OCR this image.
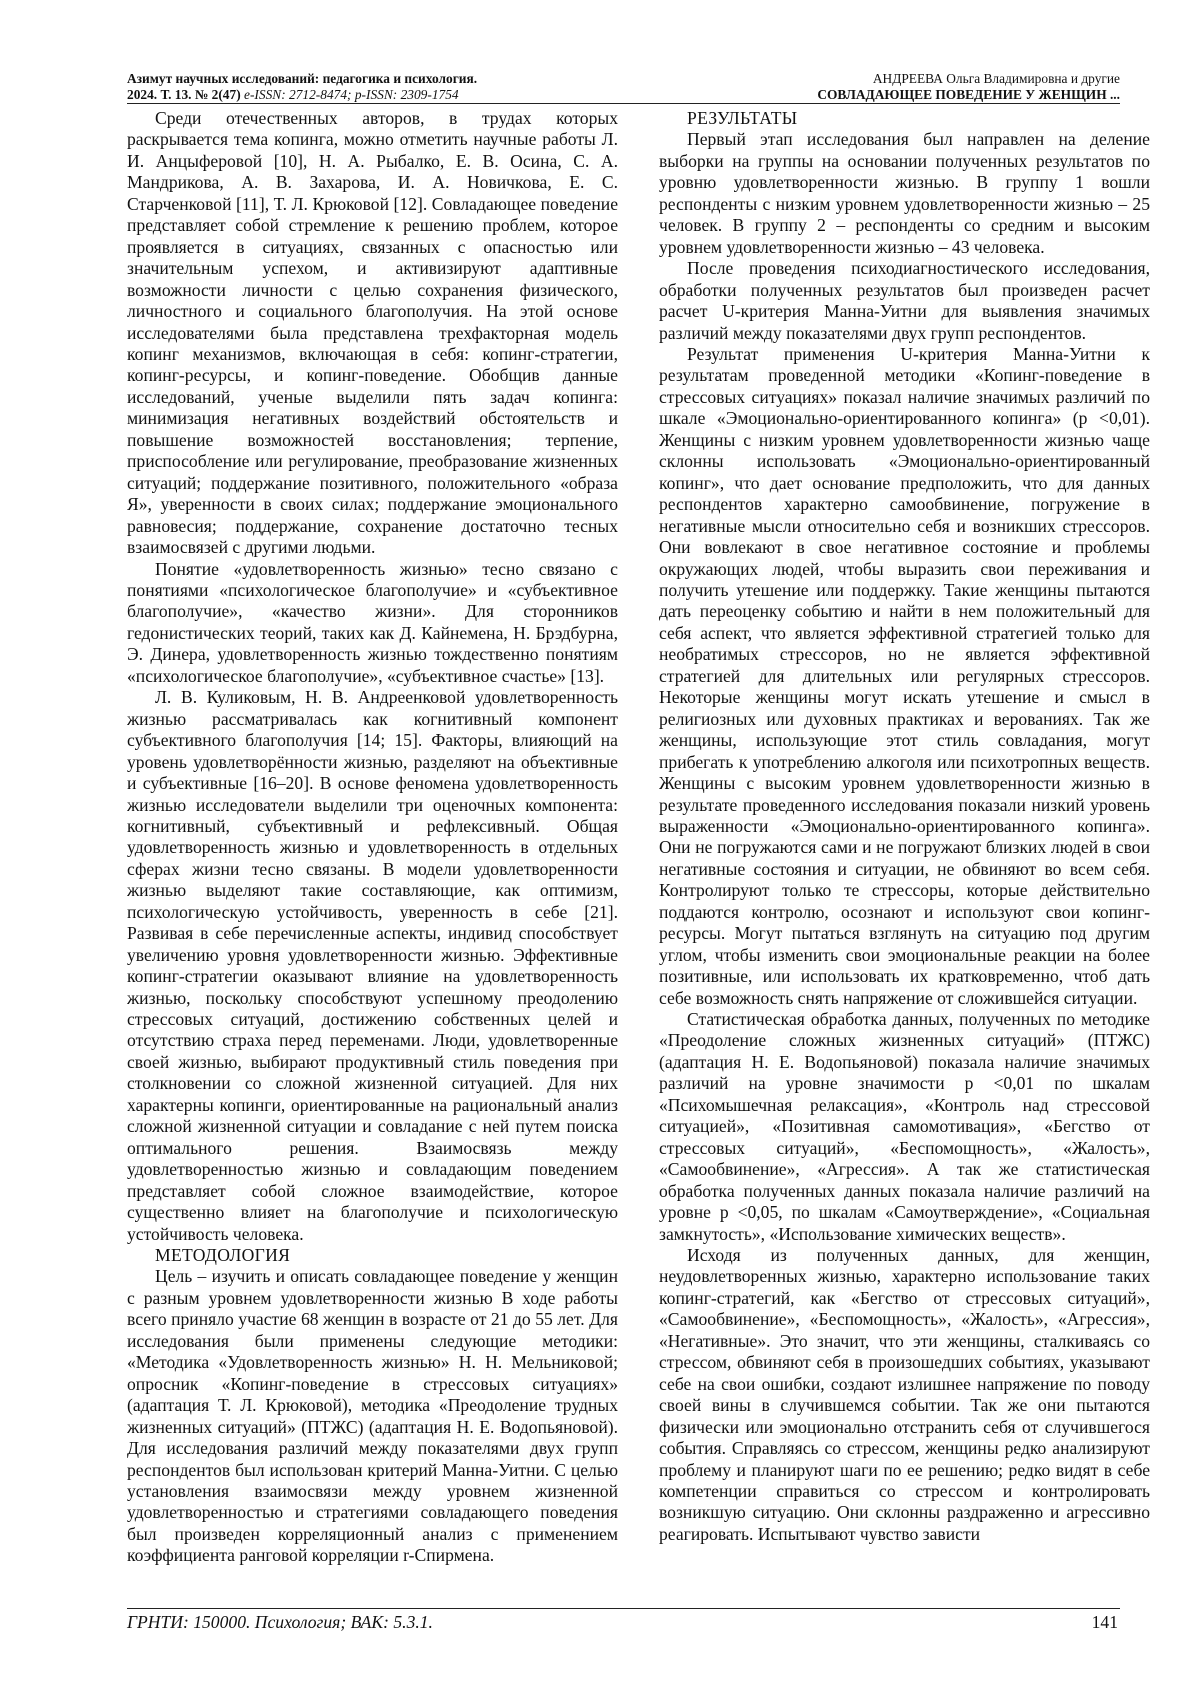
Азимут научных исследований: педагогика и психология.
2024. Т. 13. № 2(47) e-ISSN: 2712-8474; p-ISSN: 2309-1754
АНДРЕЕВА Ольга Владимировна и другие
СОВЛАДАЮЩЕЕ ПОВЕДЕНИЕ У ЖЕНЩИН ...

Среди отечественных авторов, в трудах которых раскрывается тема копинга, можно отметить научные работы Л. И. Анцыферовой [10], Н. А. Рыбалко, Е. В. Осина, С. А. Мандрикова, А. В. Захарова, И. А. Новичкова, Е. С. Старченковой [11], Т. Л. Крюковой [12]. Совладающее поведение представляет собой стремление к решению проблем, которое проявляется в ситуациях, связанных с опасностью или значительным успехом, и активизируют адаптивные возможности личности с целью сохранения физического, личностного и социального благополучия. На этой основе исследователями была представлена трехфакторная модель копинг механизмов, включающая в себя: копинг-стратегии, копинг-ресурсы, и копинг-поведение. Обобщив данные исследований, ученые выделили пять задач копинга: минимизация негативных воздействий обстоятельств и повышение возможностей восстановления; терпение, приспособление или регулирование, преобразование жизненных ситуаций; поддержание позитивного, положительного «образа Я», уверенности в своих силах; поддержание эмоционального равновесия; поддержание, сохранение достаточно тесных взаимосвязей с другими людьми.

Понятие «удовлетворенность жизнью» тесно связано с понятиями «психологическое благополучие» и «субъективное благополучие», «качество жизни». Для сторонников гедонистических теорий, таких как Д. Кайнемена, Н. Брэдбурна, Э. Динера, удовлетворенность жизнью тождественно понятиям «психологическое благополучие», «субъективное счастье» [13].

Л. В. Куликовым, Н. В. Андреенковой удовлетворенность жизнью рассматривалась как когнитивный компонент субъективного благополучия [14; 15]. Факторы, влияющий на уровень удовлетворённости жизнью, разделяют на объективные и субъективные [16–20]. В основе феномена удовлетворенность жизнью исследователи выделили три оценочных компонента: когнитивный, субъективный и рефлексивный. Общая удовлетворенность жизнью и удовлетворенность в отдельных сферах жизни тесно связаны. В модели удовлетворенности жизнью выделяют такие составляющие, как оптимизм, психологическую устойчивость, уверенность в себе [21]. Развивая в себе перечисленные аспекты, индивид способствует увеличению уровня удовлетворенности жизнью. Эффективные копинг-стратегии оказывают влияние на удовлетворенность жизнью, поскольку способствуют успешному преодолению стрессовых ситуаций, достижению собственных целей и отсутствию страха перед переменами. Люди, удовлетворенные своей жизнью, выбирают продуктивный стиль поведения при столкновении со сложной жизненной ситуацией. Для них характерны копинги, ориентированные на рациональный анализ сложной жизненной ситуации и совладание с ней путем поиска оптимального решения. Взаимосвязь между удовлетворенностью жизнью и совладающим поведением представляет собой сложное взаимодействие, которое существенно влияет на благополучие и психологическую устойчивость человека.

МЕТОДОЛОГИЯ

Цель – изучить и описать совладающее поведение у женщин с разным уровнем удовлетворенности жизнью В ходе работы всего приняло участие 68 женщин в возрасте от 21 до 55 лет. Для исследования были применены следующие методики: «Методика «Удовлетворенность жизнью» Н. Н. Мельниковой; опросник «Копинг-поведение в стрессовых ситуациях» (адаптация Т. Л. Крюковой), методика «Преодоление трудных жизненных ситуаций» (ПТЖС) (адаптация Н. Е. Водопьяновой). Для исследования различий между показателями двух групп респондентов был использован критерий Манна-Уитни. С целью установления взаимосвязи между уровнем жизненной удовлетворенностью и стратегиями совладающего поведения был произведен корреляционный анализ с применением коэффициента ранговой корреляции r-Спирмена.

РЕЗУЛЬТАТЫ

Первый этап исследования был направлен на деление выборки на группы на основании полученных результатов по уровню удовлетворенности жизнью. В группу 1 вошли респонденты с низким уровнем удовлетворенности жизнью – 25 человек. В группу 2 – респонденты со средним и высоким уровнем удовлетворенности жизнью – 43 человека.

После проведения психодиагностического исследования, обработки полученных результатов был произведен расчет расчет U-критерия Манна-Уитни для выявления значимых различий между показателями двух групп респондентов.

Результат применения U-критерия Манна-Уитни к результатам проведенной методики «Копинг-поведение в стрессовых ситуациях» показал наличие значимых различий по шкале «Эмоционально-ориентированного копинга» (p <0,01). Женщины с низким уровнем удовлетворенности жизнью чаще склонны использовать «Эмоционально-ориентированный копинг», что дает основание предположить, что для данных респондентов характерно самообвинение, погружение в негативные мысли относительно себя и возникших стрессоров. Они вовлекают в свое негативное состояние и проблемы окружающих людей, чтобы выразить свои переживания и получить утешение или поддержку. Такие женщины пытаются дать переоценку событию и найти в нем положительный для себя аспект, что является эффективной стратегией только для необратимых стрессоров, но не является эффективной стратегией для длительных или регулярных стрессоров. Некоторые женщины могут искать утешение и смысл в религиозных или духовных практиках и верованиях. Так же женщины, использующие этот стиль совладания, могут прибегать к употреблению алкоголя или психотропных веществ. Женщины с высоким уровнем удовлетворенности жизнью в результате проведенного исследования показали низкий уровень выраженности «Эмоционально-ориентированного копинга». Они не погружаются сами и не погружают близких людей в свои негативные состояния и ситуации, не обвиняют во всем себя. Контролируют только те стрессоры, которые действительно поддаются контролю, осознают и используют свои копинг-ресурсы. Могут пытаться взглянуть на ситуацию под другим углом, чтобы изменить свои эмоциональные реакции на более позитивные, или использовать их кратковременно, чтоб дать себе возможность снять напряжение от сложившейся ситуации.

Статистическая обработка данных, полученных по методике «Преодоление сложных жизненных ситуаций» (ПТЖС) (адаптация Н. Е. Водопьяновой) показала наличие значимых различий на уровне значимости p <0,01 по шкалам «Психомышечная релаксация», «Контроль над стрессовой ситуацией», «Позитивная самомотивация», «Бегство от стрессовых ситуаций», «Беспомощность», «Жалость», «Самообвинение», «Агрессия». А так же статистическая обработка полученных данных показала наличие различий на уровне p <0,05, по шкалам «Самоутверждение», «Социальная замкнутость», «Использование химических веществ».

Исходя из полученных данных, для женщин, неудовлетворенных жизнью, характерно использование таких копинг-стратегий, как «Бегство от стрессовых ситуаций», «Самообвинение», «Беспомощность», «Жалость», «Агрессия», «Негативные». Это значит, что эти женщины, сталкиваясь со стрессом, обвиняют себя в произошедших событиях, указывают себе на свои ошибки, создают излишнее напряжение по поводу своей вины в случившемся событии. Так же они пытаются физически или эмоционально отстранить себя от случившегося события. Справляясь со стрессом, женщины редко анализируют проблему и планируют шаги по ее решению; редко видят в себе компетенции справиться со стрессом и контролировать возникшую ситуацию. Они склонны раздраженно и агрессивно реагировать. Испытывают чувство зависти

ГРНТИ: 150000. Психология; ВАК: 5.3.1.	141
